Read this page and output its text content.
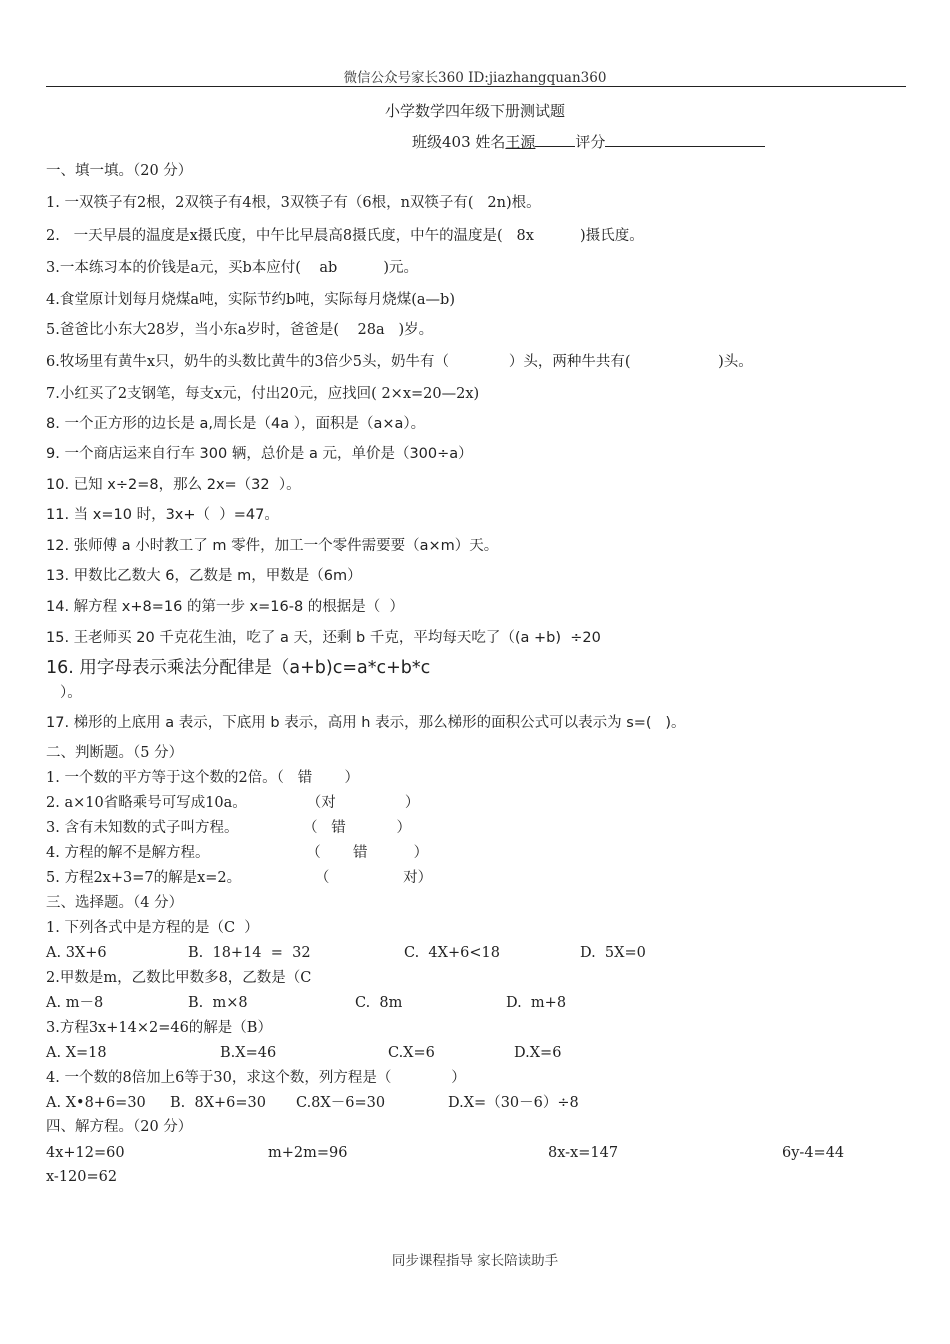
微信公众号家长360 ID:jiazhangquan360
小学数学四年级下册测试题
班级403 姓名王源	评分
一、填一填。（20 分）
1. 一双筷子有2根，2双筷子有4根，3双筷子有（6根，n双筷子有(   2n)根。
2.   一天早晨的温度是x摄氏度，中午比早晨高8摄氏度，中午的温度是(   8x          )摄氏度。
3.一本练习本的价钱是a元，买b本应付(    ab          )元。
4.食堂原计划每月烧煤a吨，实际节约b吨，实际每月烧煤(a—b)
5.爸爸比小东大28岁，当小东a岁时，爸爸是(    28a   )岁。
6.牧场里有黄牛x只，奶牛的头数比黄牛的3倍少5头，奶牛有（             ）头，两种牛共有(                   )头。
7.小红买了2支钢笔，每支x元，付出20元，应找回( 2×x=20—2x)
8. 一个正方形的边长是 a,周长是（4a ），面积是（a×a）。
9. 一个商店运来自行车 300 辆，总价是 a 元，单价是（300÷a）
10. 已知 x÷2=8，那么 2x=（32  ）。
11. 当 x=10 时，3x+（  ）=47。
12. 张师傅 a 小时教工了 m 零件，加工一个零件需要要（a×m）天。
13. 甲数比乙数大 6，乙数是 m，甲数是（6m）
14. 解方程 x+8=16 的第一步 x=16-8 的根据是（  ）
15. 王老师买 20 千克花生油，吃了 a 天，还剩 b 千克，平均每天吃了（(a +b)  ÷20
16. 用字母表示乘法分配律是（a+b)c=a*c+b*c
）。
17. 梯形的上底用 a 表示，下底用 b 表示，高用 h 表示，那么梯形的面积公式可以表示为 s=(   )。
二、判断题。（5 分）
1. 一个数的平方等于这个数的2倍。（   错       ）
2. a×10省略乘号可写成10a。             （对               ）
3. 含有未知数的式子叫方程。              （   错           ）
4. 方程的解不是解方程。                     （       错          ）
5. 方程2x+3=7的解是x=2。                （                对）
三、选择题。（4 分）
1. 下列各式中是方程的是（C  ）
A. 3X+6	B.  18+14  =  32	C.  4X+6<18	D.  5X=0
2.甲数是m，乙数比甲数多8，乙数是（C
A. m－8	B.  m×8	C.  8m	D.  m+8
3.方程3x+14×2=46的解是（B）
A. X=18	B.X=46	C.X=6	D.X=6
4. 一个数的8倍加上6等于30，求这个数，列方程是（             ）
A. X•8+6=30 B.  8X+6=30 C.8X－6=30	D.X=（30－6）÷8
四、解方程。（20 分）
4x+12=60	m+2m=96	8x-x=147	6y-4=44
x-120=62
同步课程指导 家长陪读助手
